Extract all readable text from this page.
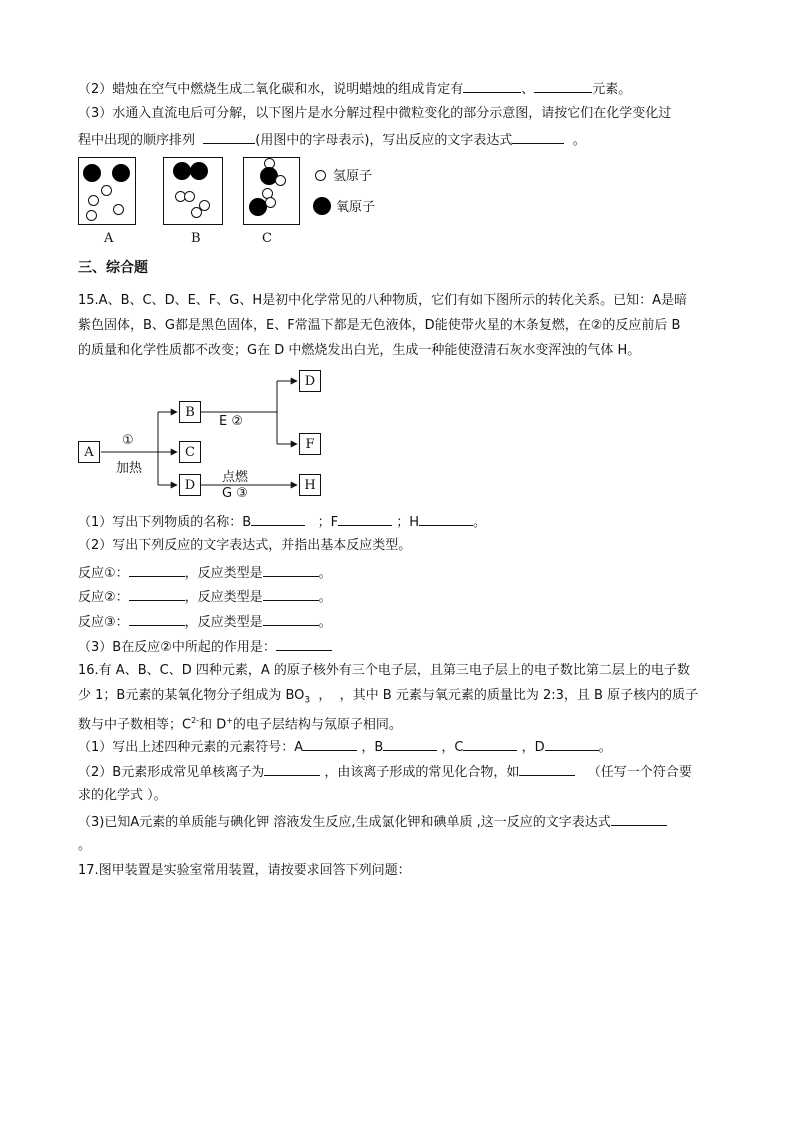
（2）蜡烛在空气中燃烧生成二氧化碳和水，说明蜡烛的组成肯定有	、	元素。
（3）水通入直流电后可分解，以下图片是水分解过程中微粒变化的部分示意图，请按它们在化学变化过
程中出现的顺序排列	(用图中的字母表示)，写出反应的文字表达式	。
A	B	C
氢原子
氧原子
三、综合题
15.A、B、C、D、E、F、G、H是初中化学常见的八种物质，它们有如下图所示的转化关系。已知：A是暗
紫色固体，B、G都是黑色固体，E、F常温下都是无色液体，D能使带火星的木条复燃，在②的反应前后 B
的质量和化学性质都不改变；G在 D 中燃烧发出白光，生成一种能使澄清石灰水变浑浊的气体 H。
A
B
C
D
D
F
H
①
加热
E ②
点燃
G ③
（1）写出下列物质的名称：B	；F	；H	。
（2）写出下列反应的文字表达式，并指出基本反应类型。
反应①：	，反应类型是	。
反应②：	，反应类型是	。
反应③：	，反应类型是	。
（3）B在反应②中所起的作用是：
16.有 A、B、C、D 四种元素，A 的原子核外有三个电子层，且第三电子层上的电子数比第二层上的电子数
少 1；B元素的某氧化物分子组成为 $BO_3$  ，  ，其中 B 元素与氧元素的质量比为 2:3，且 B 原子核内的质子
数与中子数相等；$C^{2-}$和 D+的电子层结构与氖原子相同。
（1）写出上述四种元素的元素符号：A	，B	，C	，D	。
（2）B元素形成常见单核离子为	，由该离子形成的常见化合物，如	（任写一个符合要
求的化学式 ）。
（3)已知A元素的单质能与碘化钾 溶液发生反应,生成氯化钾和碘单质 ,这一反应的文字表达式
。
17.图甲装置是实验室常用装置，请按要求回答下列问题：
